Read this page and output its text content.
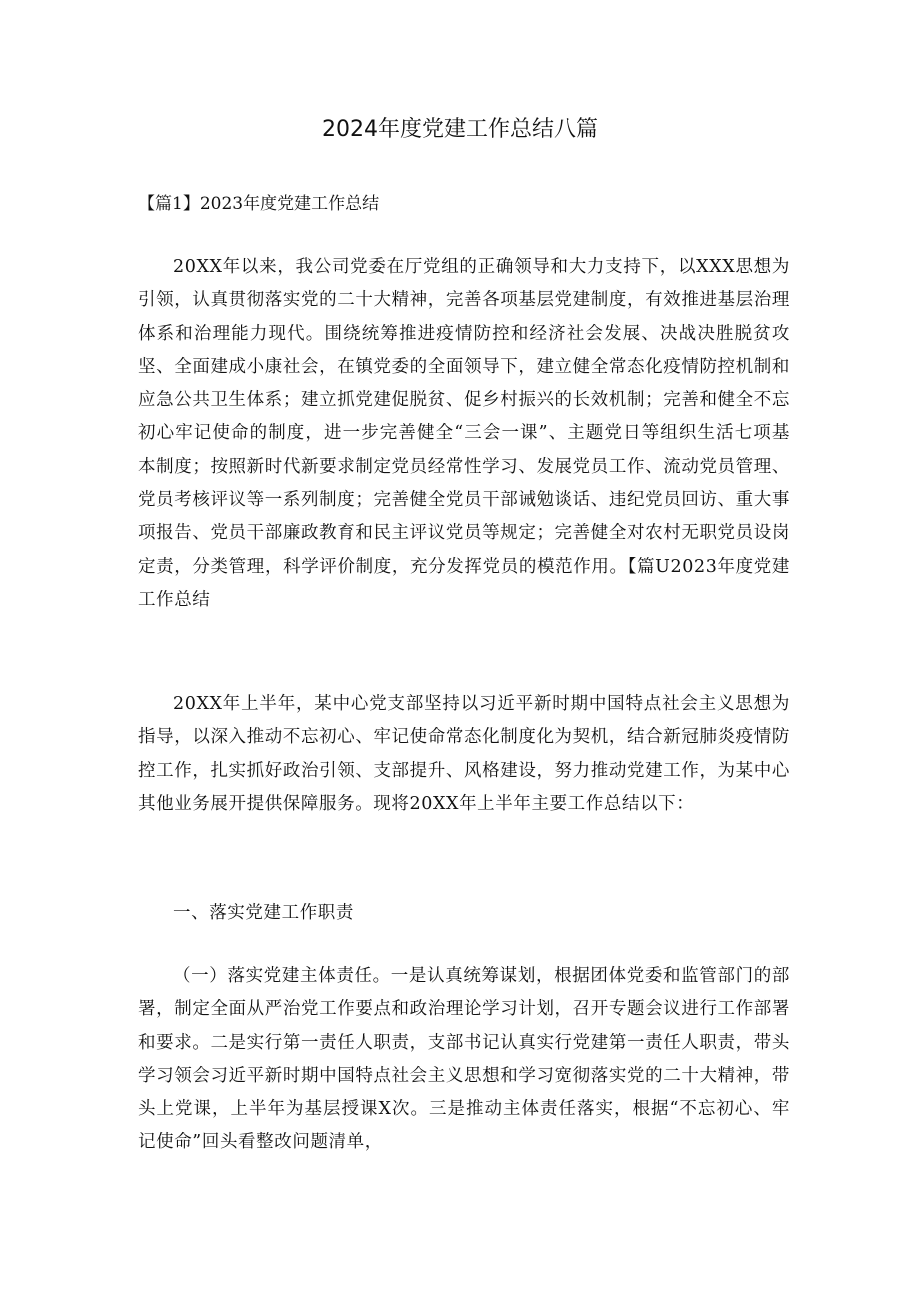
2024年度党建工作总结八篇
【篇1】2023年度党建工作总结

20XX年以来，我公司党委在厅党组的正确领导和大力支持下，以XXX思想为引领，认真贯彻落实党的二十大精神，完善各项基层党建制度，有效推进基层治理体系和治理能力现代。围绕统筹推进疫情防控和经济社会发展、决战决胜脱贫攻坚、全面建成小康社会，在镇党委的全面领导下，建立健全常态化疫情防控机制和应急公共卫生体系；建立抓党建促脱贫、促乡村振兴的长效机制；完善和健全不忘初心牢记使命的制度，进一步完善健全“三会一课”、主题党日等组织生活七项基本制度；按照新时代新要求制定党员经常性学习、发展党员工作、流动党员管理、党员考核评议等一系列制度；完善健全党员干部诫勉谈话、违纪党员回访、重大事项报告、党员干部廉政教育和民主评议党员等规定；完善健全对农村无职党员设岗定责，分类管理，科学评价制度，充分发挥党员的模范作用。【篇U2023年度党建工作总结

20XX年上半年，某中心党支部坚持以习近平新时期中国特点社会主义思想为指导，以深入推动不忘初心、牢记使命常态化制度化为契机，结合新冠肺炎疫情防控工作，扎实抓好政治引领、支部提升、风格建设，努力推动党建工作，为某中心其他业务展开提供保障服务。现将20XX年上半年主要工作总结以下：

一、落实党建工作职责

（一）落实党建主体责任。一是认真统筹谋划，根据团体党委和监管部门的部署，制定全面从严治党工作要点和政治理论学习计划，召开专题会议进行工作部署和要求。二是实行第一责任人职责，支部书记认真实行党建第一责任人职责，带头学习领会习近平新时期中国特点社会主义思想和学习宽彻落实党的二十大精神，带头上党课，上半年为基层授课X次。三是推动主体责任落实，根据“不忘初心、牢记使命”回头看整改问题清单，
